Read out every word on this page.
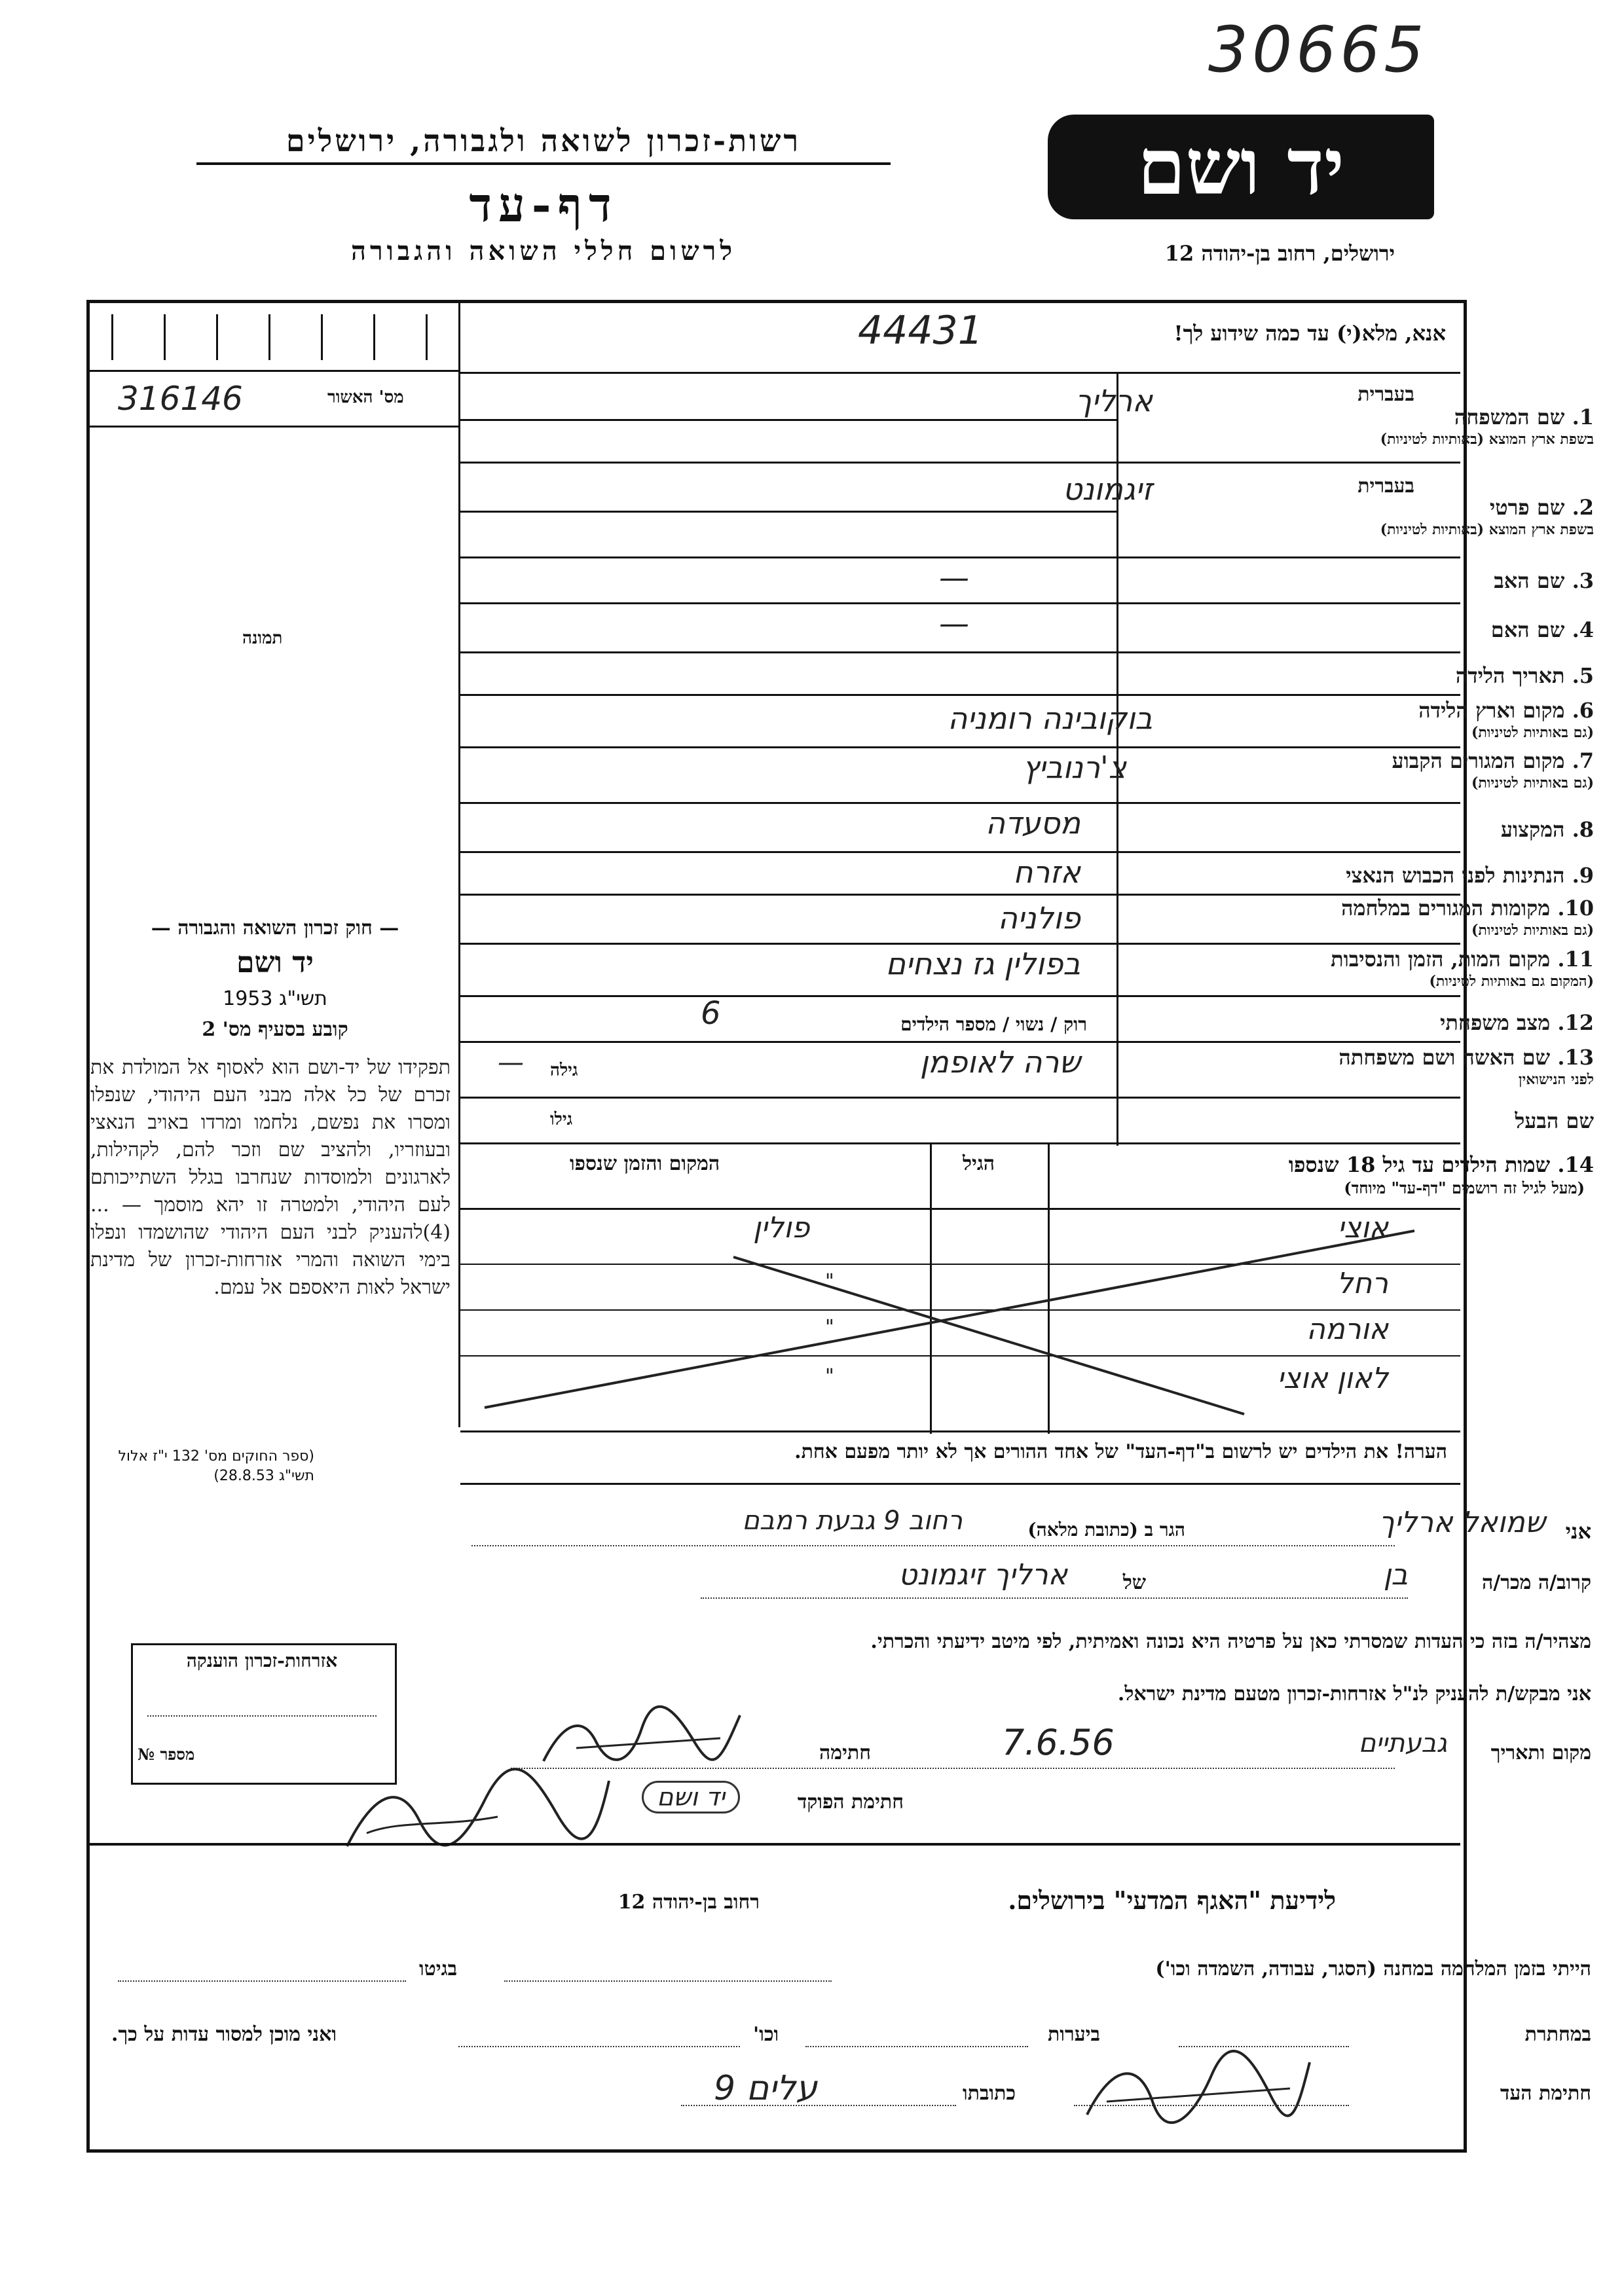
30665
רשות-זכרון לשואה ולגבורה, ירושלים
דף-עד
לרשום חללי השואה והגבורה
יד ושם
ירושלים, רחוב בן-יהודה 12
אנא, מלא(י) עד כמה שידוע לך!
44431
316146	מס' האשור
תמונה
בעברית
1. שם המשפחה
בשפת ארץ המוצא (באותיות לטיניות)
ארליך
בעברית
2. שם פרטי
בשפת ארץ המוצא (באותיות לטיניות)
זיגמונט
3. שם האב
—
4. שם האם
—
5. תאריך הלידה
6. מקום וארץ הלידה
(גם באותיות לטיניות)
בוקובינה רומניה
7. מקום המגורים הקבוע
(גם באותיות לטיניות)
צ'רנוביץ
8. המקצוע
מסעדה
9. הנתינות לפני הכבוש הנאצי
אזרח
10. מקומות המגורים במלחמה
(גם באותיות לטיניות)
פולניה
11. מקום המות, הזמן והנסיבות
(המקום גם באותיות לטיניות)
בפולין גז נצחים
12. מצב משפחתי
רוק / נשוי / מספר הילדים
6
13. שם האשה ושם משפחתה
לפני הנישואין
שרה לאופמן
גילה
—
שם הבעל
גילו
14. שמות הילדים עד גיל 18 שנספו
(מעל לגיל זה רושמים "דף-עד" מיוחד)
הגיל
המקום והזמן שנספו
אוצי
פולין
רחל
"
אורמה
"
לאון אוצי
"
הערה! את הילדים יש לרשום ב"דף-העד" של אחד ההורים אך לא יותר מפעם אחת.
— חוק זכרון השואה והגבורה —
יד ושם
תשי"ג 1953
קובע בסעיף מס' 2
תפקידו של יד-ושם הוא לאסוף אל המולדת את זכרם של כל אלה מבני העם היהודי, שנפלו ומסרו את נפשם, נלחמו ומרדו באויב הנאצי ובעוזריו, ולהציב שם וזכר להם, לקהילות, לארגונים ולמוסדות שנחרבו בגלל השתייכותם לעם היהודי, ולמטרה זו יהא מוסמך — ...(4)להעניק לבני העם היהודי שהושמדו ונפלו בימי השואה והמרי אזרחות-זכרון של מדינת ישראל לאות היאספם אל עמם.
(ספר החוקים מס' 132 י"ז אלול תשי"ג 28.8.53)
אזרחות-זכרון הוענקה
מספר №
אני
שמואל ארליך
הגר ב (כתובת מלאה)
רחוב 9 גבעת רמבם
קרוב/ה מכר/ה
בן
של
ארליך זיגמונט
מצהיר/ה בזה כי העדות שמסרתי כאן על פרטיה היא נכונה ואמיתית, לפי מיטב ידיעתי והכרתי.
אני מבקש/ת להעניק לנ"ל אזרחות-זכרון מטעם מדינת ישראל.
מקום ותאריך
גבעתיים
7.6.56
חתימה
חתימת הפוקד
יד ושם
לידיעת "האגף המדעי" בירושלים.
רחוב בן-יהודה 12
הייתי בזמן המלחמה במחנה (הסגר, עבודה, השמדה וכו')
בגיטו
במחתרת
ביערות
וכו'
ואני מוכן למסור עדות על כך.
חתימת העד
כתובתו
עלים 9
